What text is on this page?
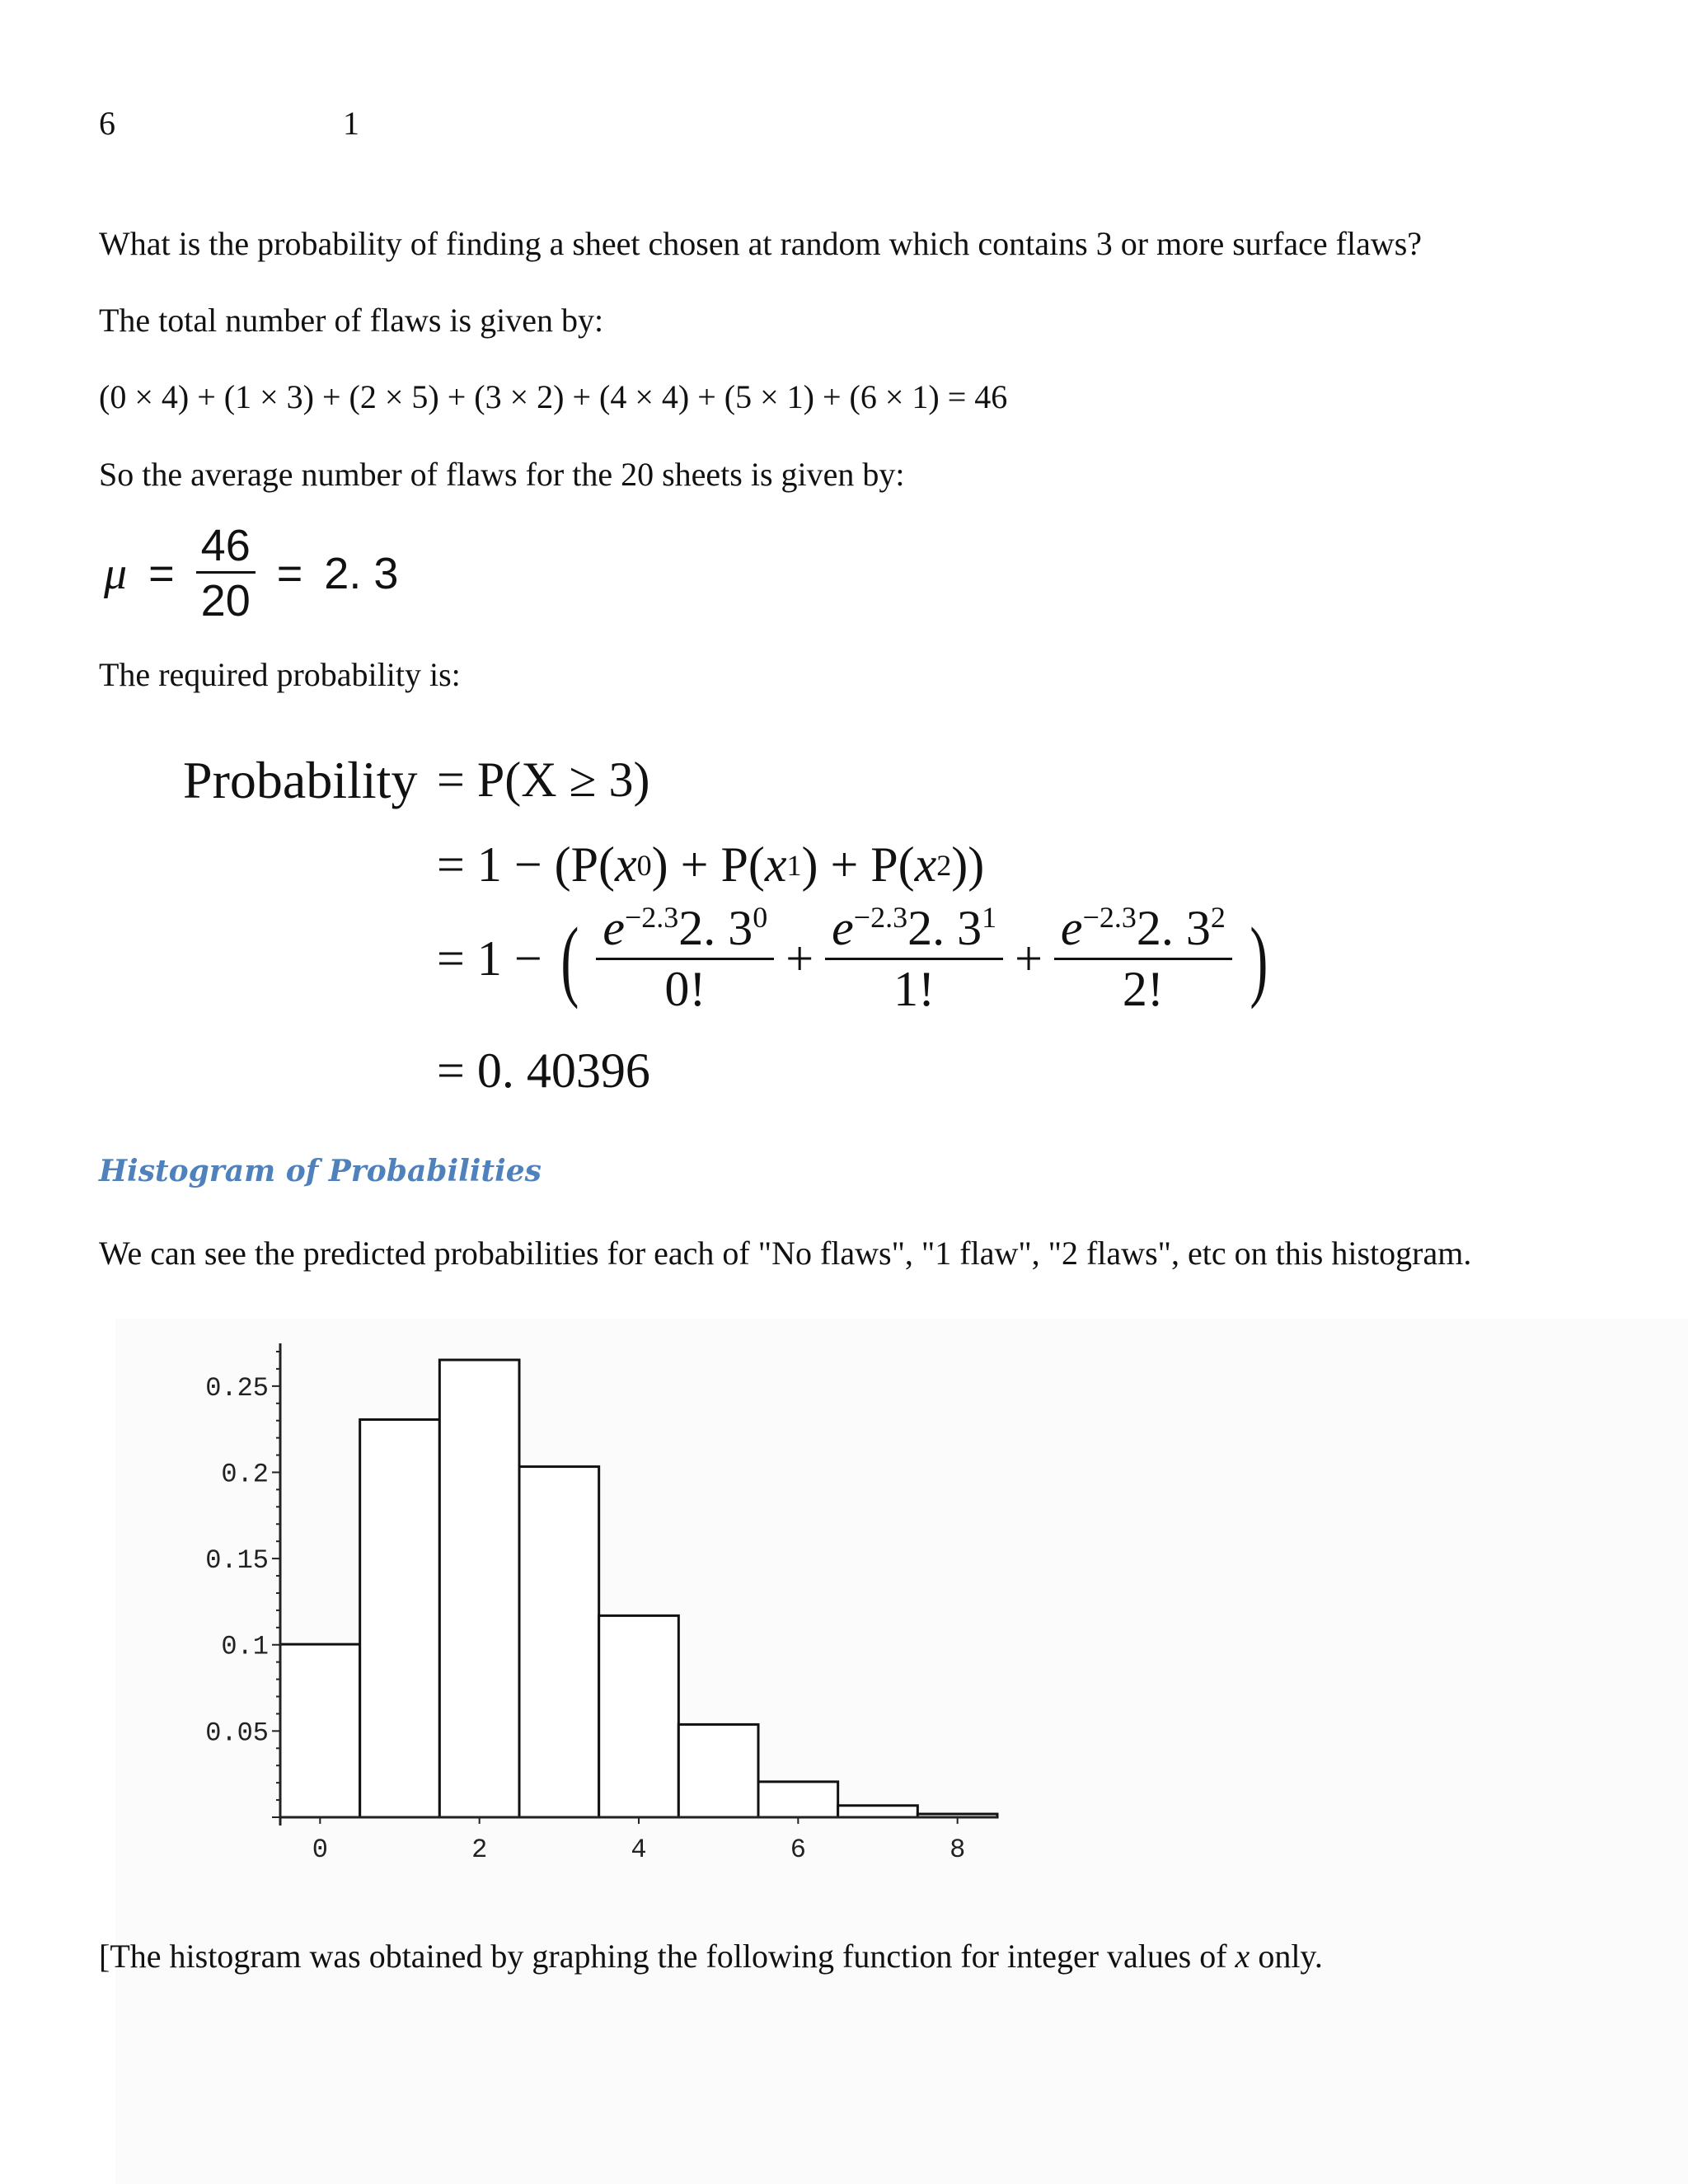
6	1
What is the probability of finding a sheet chosen at random which contains 3 or more surface flaws?
The total number of flaws is given by:
(0 × 4) + (1 × 3) + (2 × 5) + (3 × 2) + (4 × 4) + (5 × 1) + (6 × 1) = 46
So the average number of flaws for the 20 sheets is given by:
$\mu = \frac{46}{20} = 2$. 3
The required probability is:
Probability = P(X ≥ 3)
= 1 − (P( x 0 ) + P( x 1 ) + P( x 2 ))
= 1 − ( $e^{-2.3}2$. $3^0$
0!
+ $\frac{e^{-2.3}2. 3^1}{1!} + \frac{e^{-2.3}2. 3^2}{2!}$ )
= 0. 40396
Histogram of Probabilities
We can see the predicted probabilities for each of "No flaws", "1 flaw", "2 flaws", etc on this histogram.
0.05
0.1
0.15
0.2
0.25
0	2	4	6	8
[The histogram was obtained by graphing the following function for integer values of x only.
